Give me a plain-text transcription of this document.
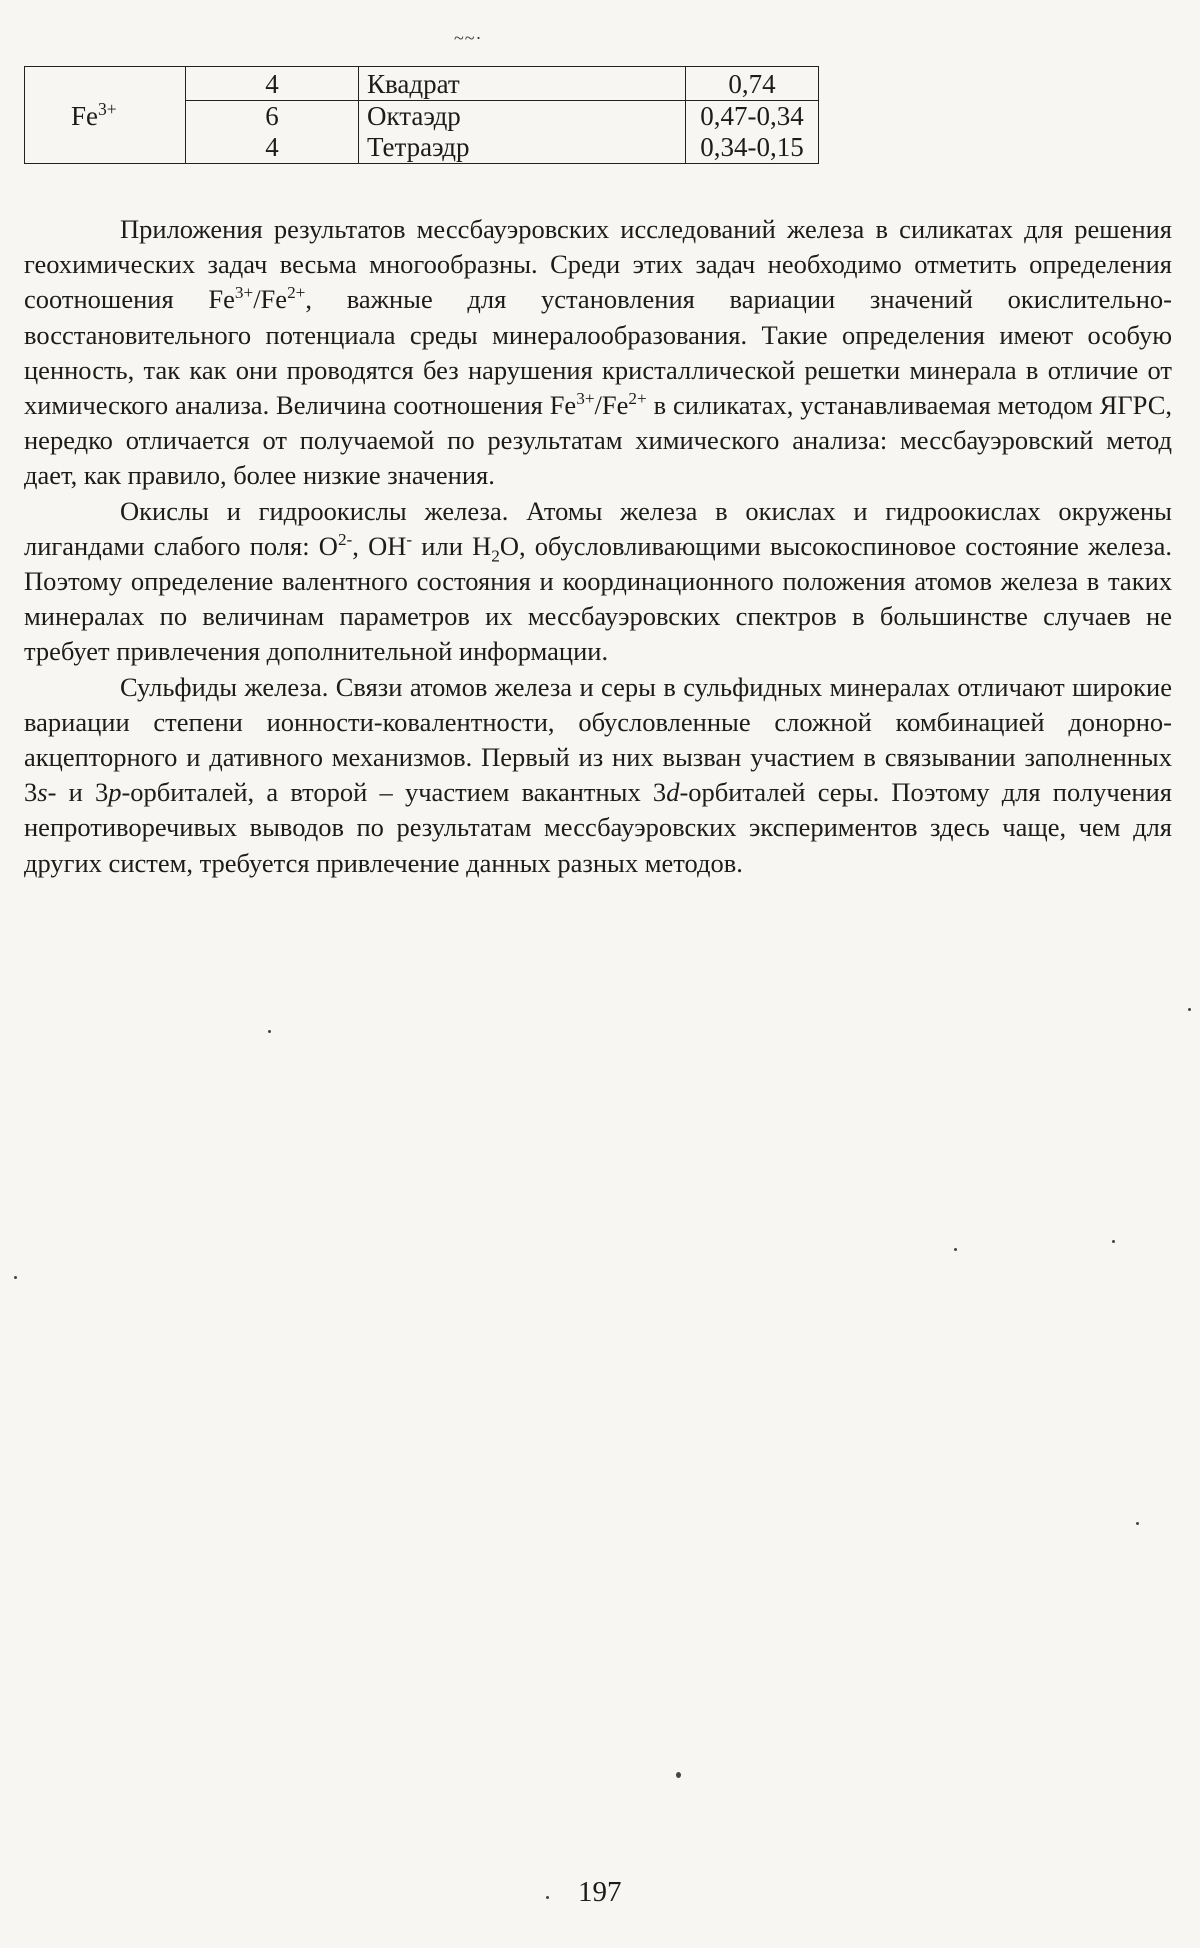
~~·
	4	Квадрат	0,74
$Fe^{3+}$	6	Октаэдр	0,47-0,34
	4	Тетраэдр	0,34-0,15

Приложения результатов мессбауэровских исследований железа в силикатах для решения геохимических задач весьма многообразны. Среди этих задач необходимо отметить определения соотношения $Fe^{3+}/Fe^{2+}$, важные для установления вариации значений окислительно-восстановительного потенциала среды минералообразования. Такие определения имеют особую ценность, так как они проводятся без нарушения кристаллической решетки минерала в отличие от химического анализа. Величина соотношения $Fe^{3+}/Fe^{2+}$ в силикатах, устанавливаемая методом ЯГРС, нередко отличается от получаемой по результатам химического анализа: мессбауэровский метод дает, как правило, более низкие значения.

Окислы и гидроокислы железа. Атомы железа в окислах и гидроокислах окружены лигандами слабого поля: $O^{2-}$, OH- или $H_2O$, обусловливающими высокоспиновое состояние железа. Поэтому определение валентного состояния и координационного положения атомов железа в таких минералах по величинам параметров их мессбауэровских спектров в большинстве случаев не требует привлечения дополнительной информации.

Сульфиды железа. Связи атомов железа и серы в сульфидных минералах отличают широкие вариации степени ионности-ковалентности, обусловленные сложной комбинацией донорно-акцепторного и дативного механизмов. Первый из них вызван участием в связывании заполненных 3s- и 3p-орбиталей, а второй – участием вакантных 3d-орбиталей серы. Поэтому для получения непротиворечивых выводов по результатам мессбауэровских экспериментов здесь чаще, чем для других систем, требуется привлечение данных разных методов.

197
